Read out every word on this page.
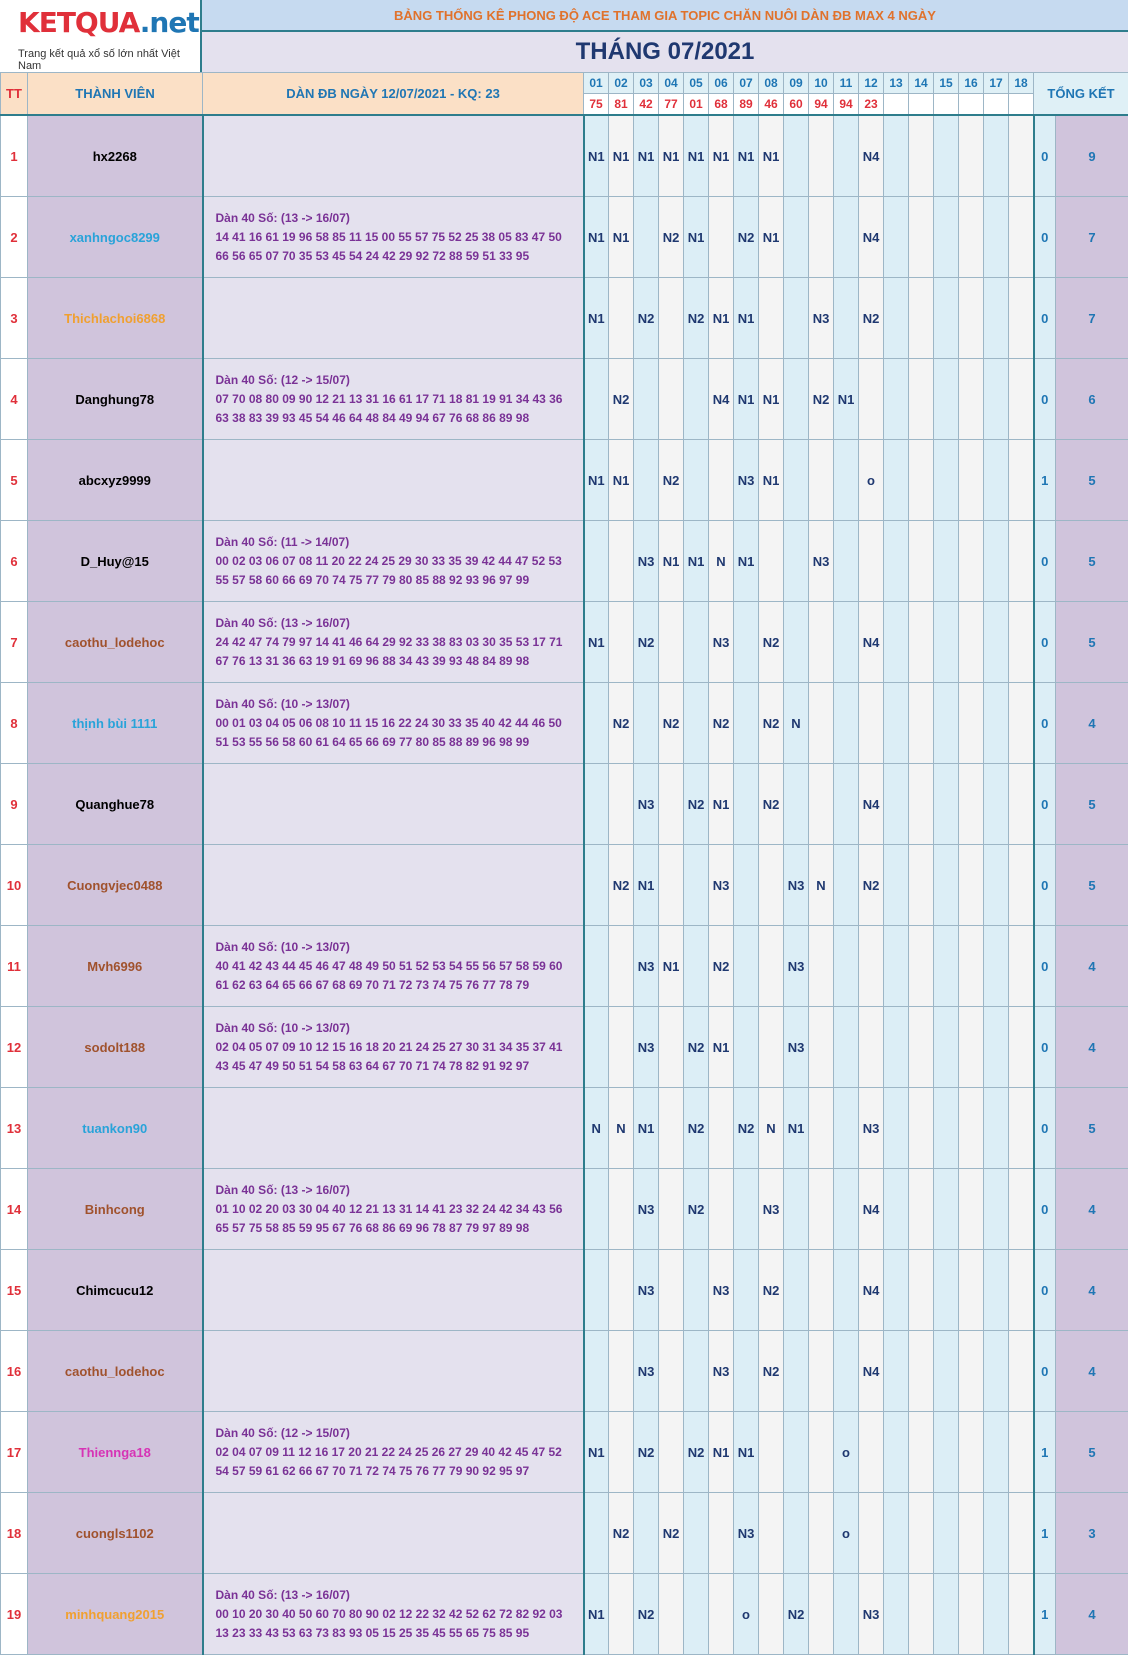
KETQUA.net
Trang kết quả xổ số lớn nhất Việt Nam
BẢNG THỐNG KÊ PHONG ĐỘ ACE THAM GIA TOPIC CHĂN NUÔI DÀN ĐB MAX 4 NGÀY
THÁNG 07/2021
TT	THÀNH VIÊN	DÀN ĐB NGÀY 12/07/2021 - KQ: 23	01	02	03	04	05	06	07	08	09	10	11	12	13	14	15	16	17	18	TỔNG KẾT	
			75	81	42	77	01	68	89	46	60	94	94	23								
1	hx2268		N1	N1	N1	N1	N1	N1	N1	N1				N4							0	9
2	xanhngoc8299	Dàn 40 Số: (13 -> 16/07)
14 41 16 61 19 96 58 85 11 15 00 55 57 75 52 25 38 05 83 47 50
66 56 65 07 70 35 53 45 54 24 42 29 92 72 88 59 51 33 95	N1	N1		N2	N1		N2	N1				N4							0	7
3	Thichlachoi6868		N1		N2		N2	N1	N1			N3		N2							0	7
4	Danghung78	Dàn 40 Số: (12 -> 15/07)
07 70 08 80 09 90 12 21 13 31 16 61 17 71 18 81 19 91 34 43 36
63 38 83 39 93 45 54 46 64 48 84 49 94 67 76 68 86 89 98		N2				N4	N1	N1		N2	N1								0	6
5	abcxyz9999		N1	N1		N2			N3	N1				o							1	5
6	D_Huy@15	Dàn 40 Số: (11 -> 14/07)
00 02 03 06 07 08 11 20 22 24 25 29 30 33 35 39 42 44 47 52 53
55 57 58 60 66 69 70 74 75 77 79 80 85 88 92 93 96 97 99			N3	N1	N1	N	N1			N3									0	5
7	caothu_lodehoc	Dàn 40 Số: (13 -> 16/07)
24 42 47 74 79 97 14 41 46 64 29 92 33 38 83 03 30 35 53 17 71
67 76 13 31 36 63 19 91 69 96 88 34 43 39 93 48 84 89 98	N1		N2			N3		N2				N4							0	5
8	thịnh bùi 1111	Dàn 40 Số: (10 -> 13/07)
00 01 03 04 05 06 08 10 11 15 16 22 24 30 33 35 40 42 44 46 50
51 53 55 56 58 60 61 64 65 66 69 77 80 85 88 89 96 98 99		N2		N2		N2		N2	N										0	4
9	Quanghue78				N3		N2	N1		N2				N4							0	5
10	Cuongvjec0488			N2	N1			N3			N3	N		N2							0	5
11	Mvh6996	Dàn 40 Số: (10 -> 13/07)
40 41 42 43 44 45 46 47 48 49 50 51 52 53 54 55 56 57 58 59 60
61 62 63 64 65 66 67 68 69 70 71 72 73 74 75 76 77 78 79			N3	N1		N2			N3										0	4
12	sodolt188	Dàn 40 Số: (10 -> 13/07)
02 04 05 07 09 10 12 15 16 18 20 21 24 25 27 30 31 34 35 37 41
43 45 47 49 50 51 54 58 63 64 67 70 71 74 78 82 91 92 97			N3		N2	N1			N3										0	4
13	tuankon90		N	N	N1		N2		N2	N	N1			N3							0	5
14	Binhcong	Dàn 40 Số: (13 -> 16/07)
01 10 02 20 03 30 04 40 12 21 13 31 14 41 23 32 24 42 34 43 56
65 57 75 58 85 59 95 67 76 68 86 69 96 78 87 79 97 89 98			N3		N2			N3				N4							0	4
15	Chimcucu12				N3			N3		N2				N4							0	4
16	caothu_lodehoc				N3			N3		N2				N4							0	4
17	Thiennga18	Dàn 40 Số: (12 -> 15/07)
02 04 07 09 11 12 16 17 20 21 22 24 25 26 27 29 40 42 45 47 52
54 57 59 61 62 66 67 70 71 72 74 75 76 77 79 90 92 95 97	N1		N2		N2	N1	N1				o								1	5
18	cuongls1102			N2		N2			N3				o								1	3
19	minhquang2015	Dàn 40 Số: (13 -> 16/07)
00 10 20 30 40 50 60 70 80 90 02 12 22 32 42 52 62 72 82 92 03
13 23 33 43 53 63 73 83 93 05 15 25 35 45 55 65 75 85 95	N1		N2				o		N2			N3							1	4
